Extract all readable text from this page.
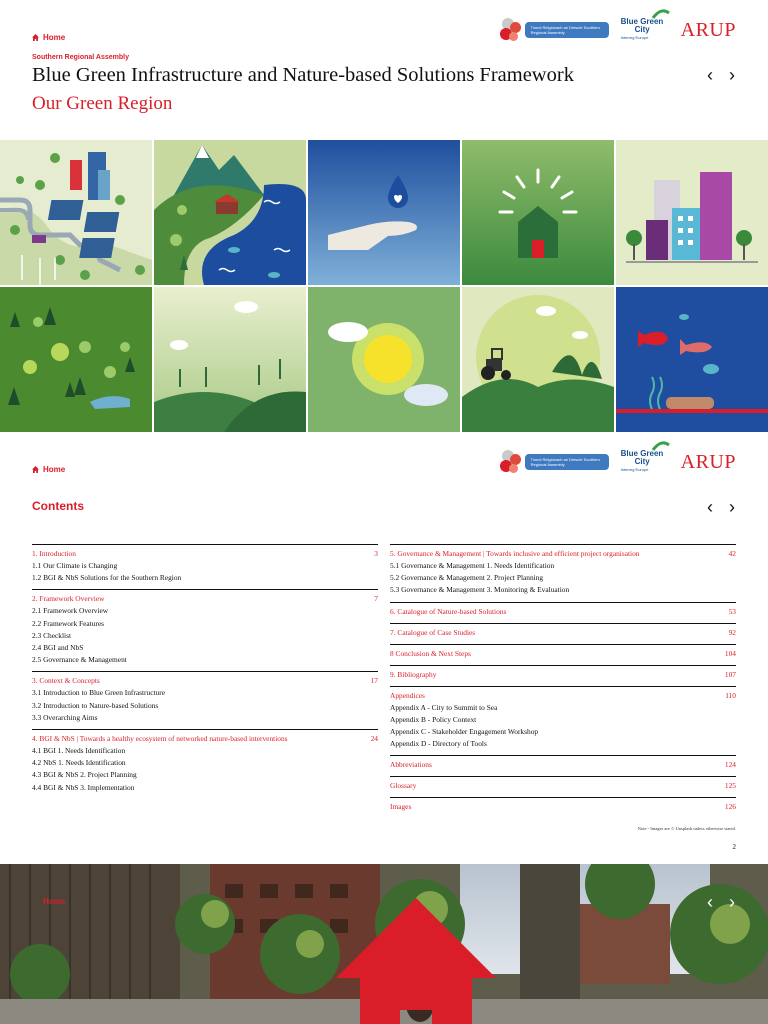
Home
Tionól Réigiúnach an Deiscirt Southern Regional Assembly
Blue Green
City
Interreg Europe	ARUP
Southern Regional Assembly
Blue Green Infrastructure and Nature-based Solutions Framework
Our Green Region
‹ ›
Home
Tionól Réigiúnach an Deiscirt Southern Regional Assembly
Blue Green
City
Interreg Europe	ARUP
Contents	‹ ›
1. Introduction	3
1.1 Our Climate is Changing
1.2 BGI & NbS Solutions for the Southern Region
2. Framework Overview	7
2.1 Framework Overview
2.2 Framework Features
2.3 Checklist
2.4 BGI and NbS
2.5 Governance & Management
3. Context & Concepts	17
3.1 Introduction to Blue Green Infrastructure
3.2 Introduction to Nature-based Solutions
3.3 Overarching Aims
4. BGI & NbS | Towards a healthy ecosystem of networked nature-based interventions	24
4.1 BGI 1. Needs Identification
4.2 NbS 1. Needs Identification
4.3 BGI & NbS 2. Project Planning
4.4 BGI & NbS 3. Implementation
5. Governance & Management | Towards inclusive and efficient project organisation	42
5.1 Governance & Management 1. Needs Identification
5.2 Governance & Management 2. Project Planning
5.3 Governance & Management 3. Monitoring & Evaluation
6. Catalogue of Nature-based Solutions	53
7. Catalogue of Case Studies	92
8 Conclusion & Next Steps	104
9. Bibliography	107
Appendices	110
Appendix A - City to Summit to Sea
Appendix B - Policy Context
Appendix C - Stakeholder Engagement Workshop
Appendix D - Directory of Tools
Abbreviations	124
Glossary	125
Images	126
Note - Images are © Unsplash unless otherwise stated.
2
Home	‹ ›
